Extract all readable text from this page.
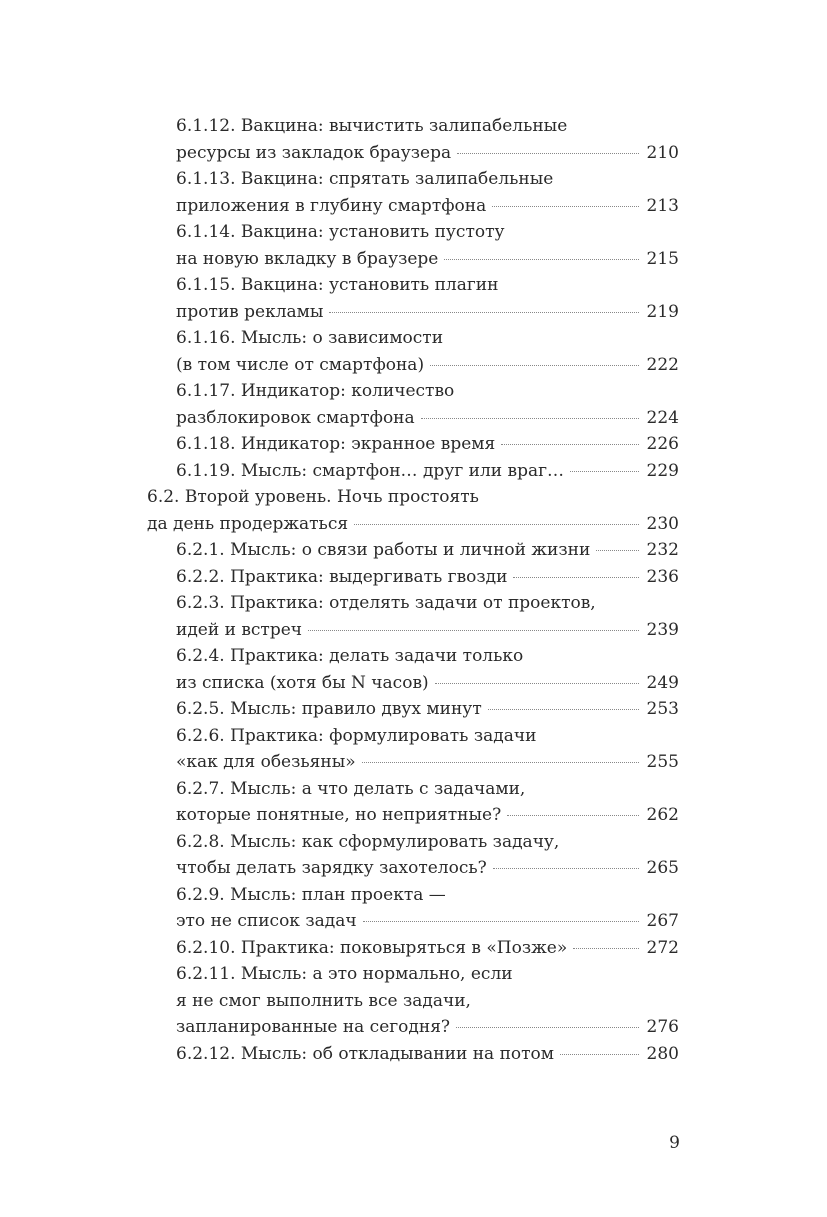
6.1.12. Вакцина: вычистить залипабельные
ресурсы из закладок браузера	210
6.1.13. Вакцина: спрятать залипабельные
приложения в глубину смартфона	213
6.1.14. Вакцина: установить пустоту
на новую вкладку в браузере	215
6.1.15. Вакцина: установить плагин
против рекламы	219
6.1.16. Мысль: о зависимости
(в том числе от смартфона)	222
6.1.17. Индикатор: количество
разблокировок смартфона	224
6.1.18. Индикатор: экранное время	226
6.1.19. Мысль: смартфон… друг или враг…	229
6.2. Второй уровень. Ночь простоять
да день продержаться	230
6.2.1. Мысль: о связи работы и личной жизни	232
6.2.2. Практика: выдергивать гвозди	236
6.2.3. Практика: отделять задачи от проектов,
идей и встреч	239
6.2.4. Практика: делать задачи только
из списка (хотя бы N часов)	249
6.2.5. Мысль: правило двух минут	253
6.2.6. Практика: формулировать задачи
«как для обезьяны»	255
6.2.7. Мысль: а что делать с задачами,
которые понятные, но неприятные?	262
6.2.8. Мысль: как сформулировать задачу,
чтобы делать зарядку захотелось?	265
6.2.9. Мысль: план проекта —
это не список задач	267
6.2.10. Практика: поковыряться в «Позже»	272
6.2.11. Мысль: а это нормально, если
я не смог выполнить все задачи,
запланированные на сегодня?	276
6.2.12. Мысль: об откладывании на потом	280
9
